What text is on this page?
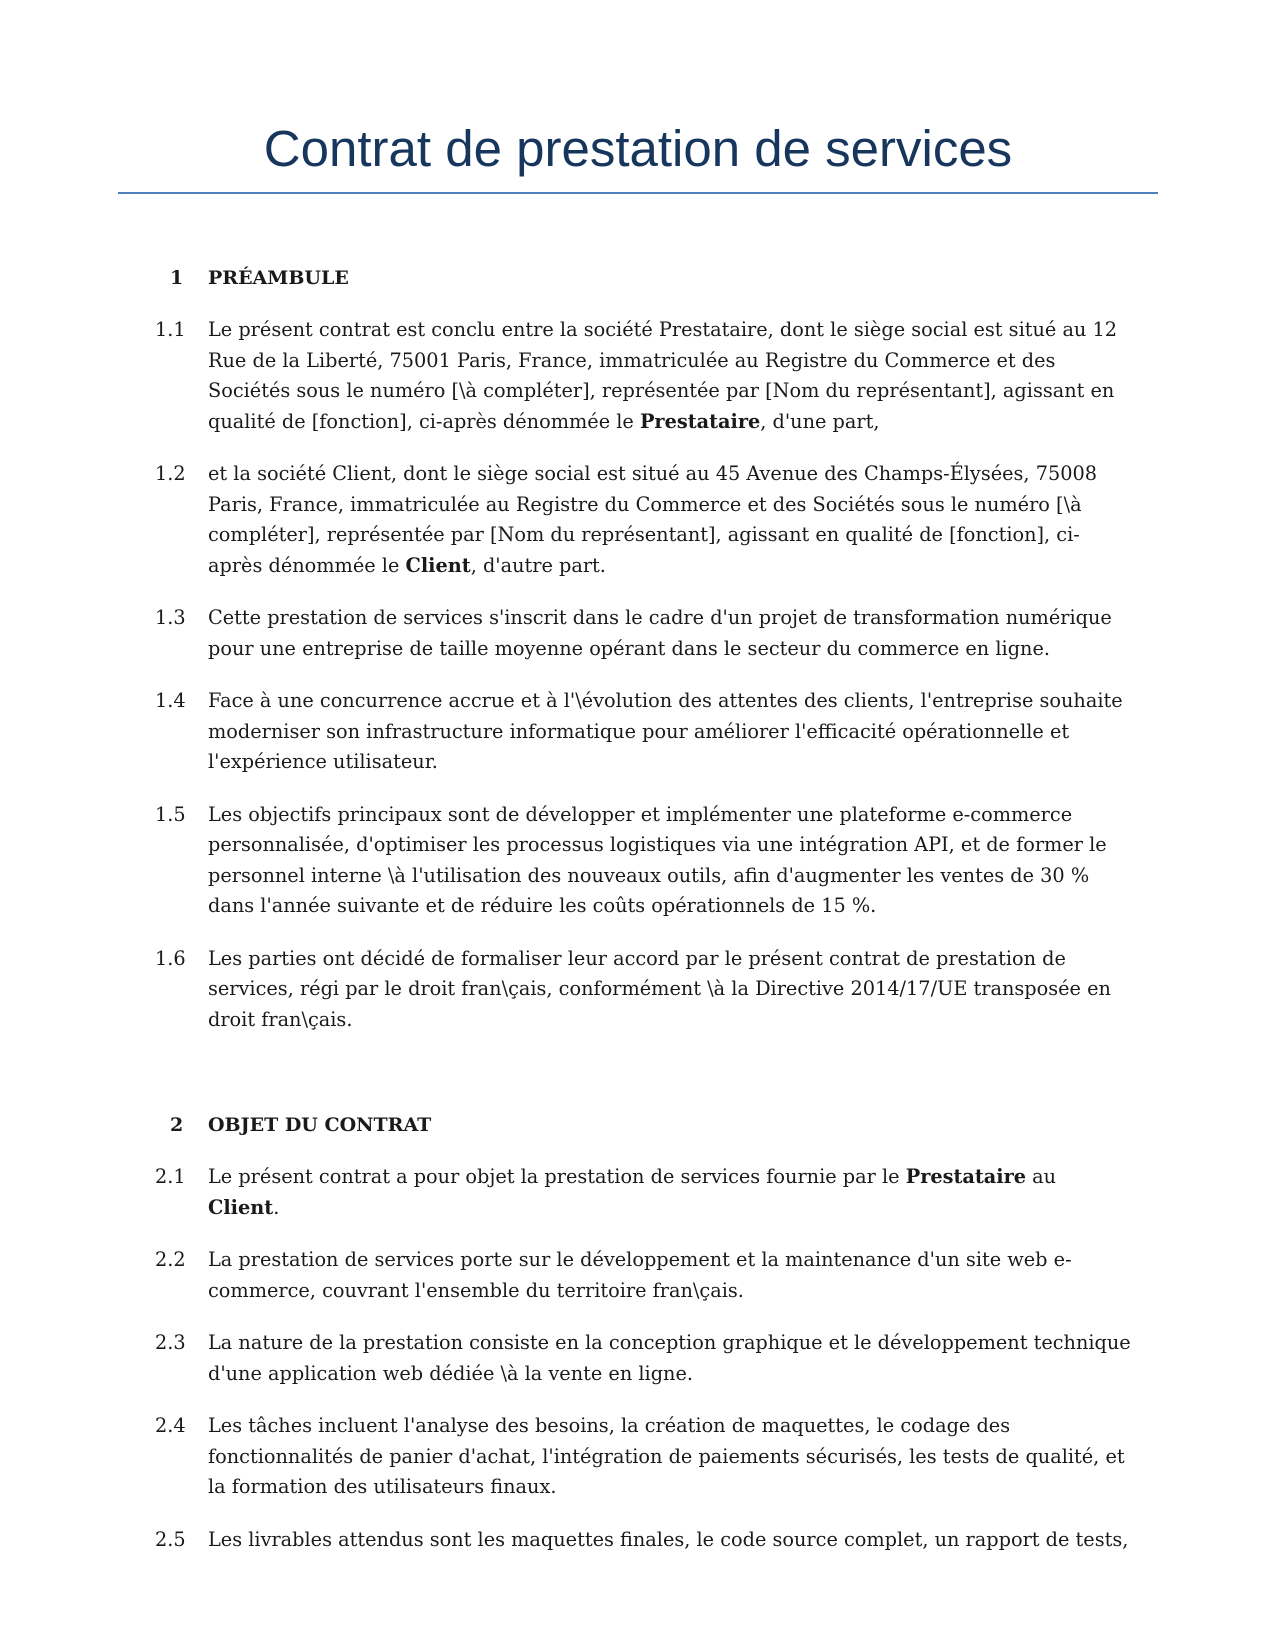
Contrat de prestation de services
1 PRÉAMBULE
1.1 Le présent contrat est conclu entre la société Prestataire, dont le siège social est situé au 12 Rue de la Liberté, 75001 Paris, France, immatriculée au Registre du Commerce et des Sociétés sous le numéro [\à compléter], représentée par [Nom du représentant], agissant en qualité de [fonction], ci-après dénommée le Prestataire, d'une part,
1.2 et la société Client, dont le siège social est situé au 45 Avenue des Champs-Élysées, 75008 Paris, France, immatriculée au Registre du Commerce et des Sociétés sous le numéro [\à compléter], représentée par [Nom du représentant], agissant en qualité de [fonction], ci-après dénommée le Client, d'autre part.
1.3 Cette prestation de services s'inscrit dans le cadre d'un projet de transformation numérique pour une entreprise de taille moyenne opérant dans le secteur du commerce en ligne.
1.4 Face à une concurrence accrue et à l'\évolution des attentes des clients, l'entreprise souhaite moderniser son infrastructure informatique pour améliorer l'efficacité opérationnelle et l'expérience utilisateur.
1.5 Les objectifs principaux sont de développer et implémenter une plateforme e-commerce personnalisée, d'optimiser les processus logistiques via une intégration API, et de former le personnel interne \à l'utilisation des nouveaux outils, afin d'augmenter les ventes de 30 % dans l'année suivante et de réduire les coûts opérationnels de 15 %.
1.6 Les parties ont décidé de formaliser leur accord par le présent contrat de prestation de services, régi par le droit fran\çais, conformément \à la Directive 2014/17/UE transposée en droit fran\çais.
2 OBJET DU CONTRAT
2.1 Le présent contrat a pour objet la prestation de services fournie par le Prestataire au Client.
2.2 La prestation de services porte sur le développement et la maintenance d'un site web e-commerce, couvrant l'ensemble du territoire fran\çais.
2.3 La nature de la prestation consiste en la conception graphique et le développement technique d'une application web dédiée \à la vente en ligne.
2.4 Les tâches incluent l'analyse des besoins, la création de maquettes, le codage des fonctionnalités de panier d'achat, l'intégration de paiements sécurisés, les tests de qualité, et la formation des utilisateurs finaux.
2.5 Les livrables attendus sont les maquettes finales, le code source complet, un rapport de tests,
